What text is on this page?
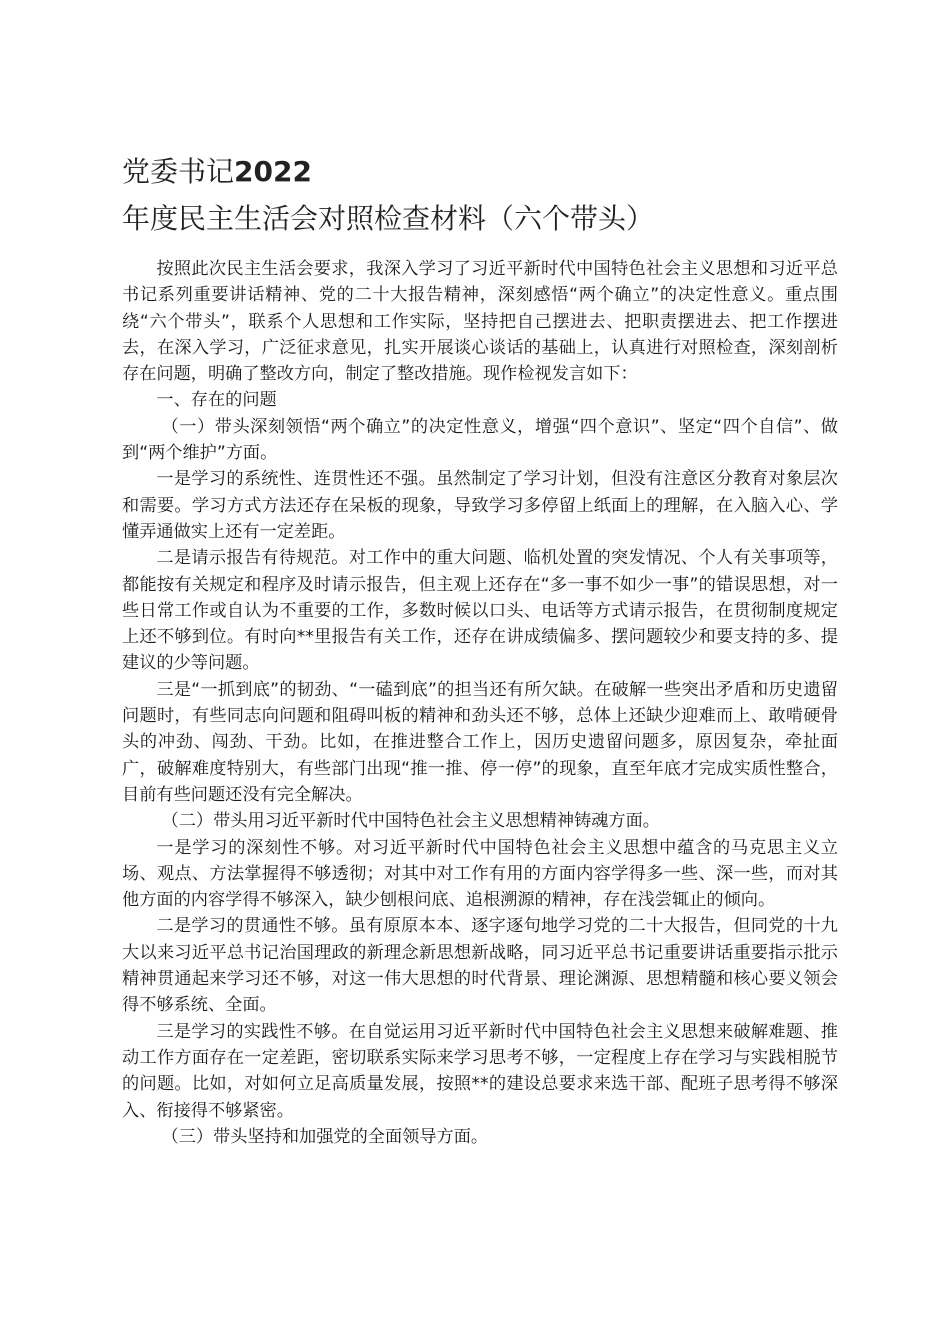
党委书记2022年度民主生活会对照检查材料（六个带头）

按照此次民主生活会要求，我深入学习了习近平新时代中国特色社会主义思想和习近平总书记系列重要讲话精神、党的二十大报告精神，深刻感悟“两个确立”的决定性意义。重点围绕“六个带头”，联系个人思想和工作实际，坚持把自己摆进去、把职责摆进去、把工作摆进去，在深入学习，广泛征求意见，扎实开展谈心谈话的基础上，认真进行对照检查，深刻剖析存在问题，明确了整改方向，制定了整改措施。现作检视发言如下：

一、存在的问题

（一）带头深刻领悟“两个确立”的决定性意义，增强“四个意识”、坚定“四个自信”、做到“两个维护”方面。

一是学习的系统性、连贯性还不强。虽然制定了学习计划，但没有注意区分教育对象层次和需要。学习方式方法还存在呆板的现象，导致学习多停留上纸面上的理解，在入脑入心、学懂弄通做实上还有一定差距。

二是请示报告有待规范。对工作中的重大问题、临机处置的突发情况、个人有关事项等，都能按有关规定和程序及时请示报告，但主观上还存在“多一事不如少一事”的错误思想，对一些日常工作或自认为不重要的工作，多数时候以口头、电话等方式请示报告，在贯彻制度规定上还不够到位。有时向**里报告有关工作，还存在讲成绩偏多、摆问题较少和要支持的多、提建议的少等问题。

三是“一抓到底”的韧劲、“一磕到底”的担当还有所欠缺。在破解一些突出矛盾和历史遗留问题时，有些同志向问题和阻碍叫板的精神和劲头还不够，总体上还缺少迎难而上、敢啃硬骨头的冲劲、闯劲、干劲。比如，在推进整合工作上，因历史遗留问题多，原因复杂，牵扯面广，破解难度特别大，有些部门出现“推一推、停一停”的现象，直至年底才完成实质性整合，目前有些问题还没有完全解决。

（二）带头用习近平新时代中国特色社会主义思想精神铸魂方面。

一是学习的深刻性不够。对习近平新时代中国特色社会主义思想中蕴含的马克思主义立场、观点、方法掌握得不够透彻；对其中对工作有用的方面内容学得多一些、深一些，而对其他方面的内容学得不够深入，缺少刨根问底、追根溯源的精神，存在浅尝辄止的倾向。

二是学习的贯通性不够。虽有原原本本、逐字逐句地学习党的二十大报告，但同党的十九大以来习近平总书记治国理政的新理念新思想新战略，同习近平总书记重要讲话重要指示批示精神贯通起来学习还不够，对这一伟大思想的时代背景、理论渊源、思想精髓和核心要义领会得不够系统、全面。

三是学习的实践性不够。在自觉运用习近平新时代中国特色社会主义思想来破解难题、推动工作方面存在一定差距，密切联系实际来学习思考不够，一定程度上存在学习与实践相脱节的问题。比如，对如何立足高质量发展，按照**的建设总要求来选干部、配班子思考得不够深入、衔接得不够紧密。

（三）带头坚持和加强党的全面领导方面。
